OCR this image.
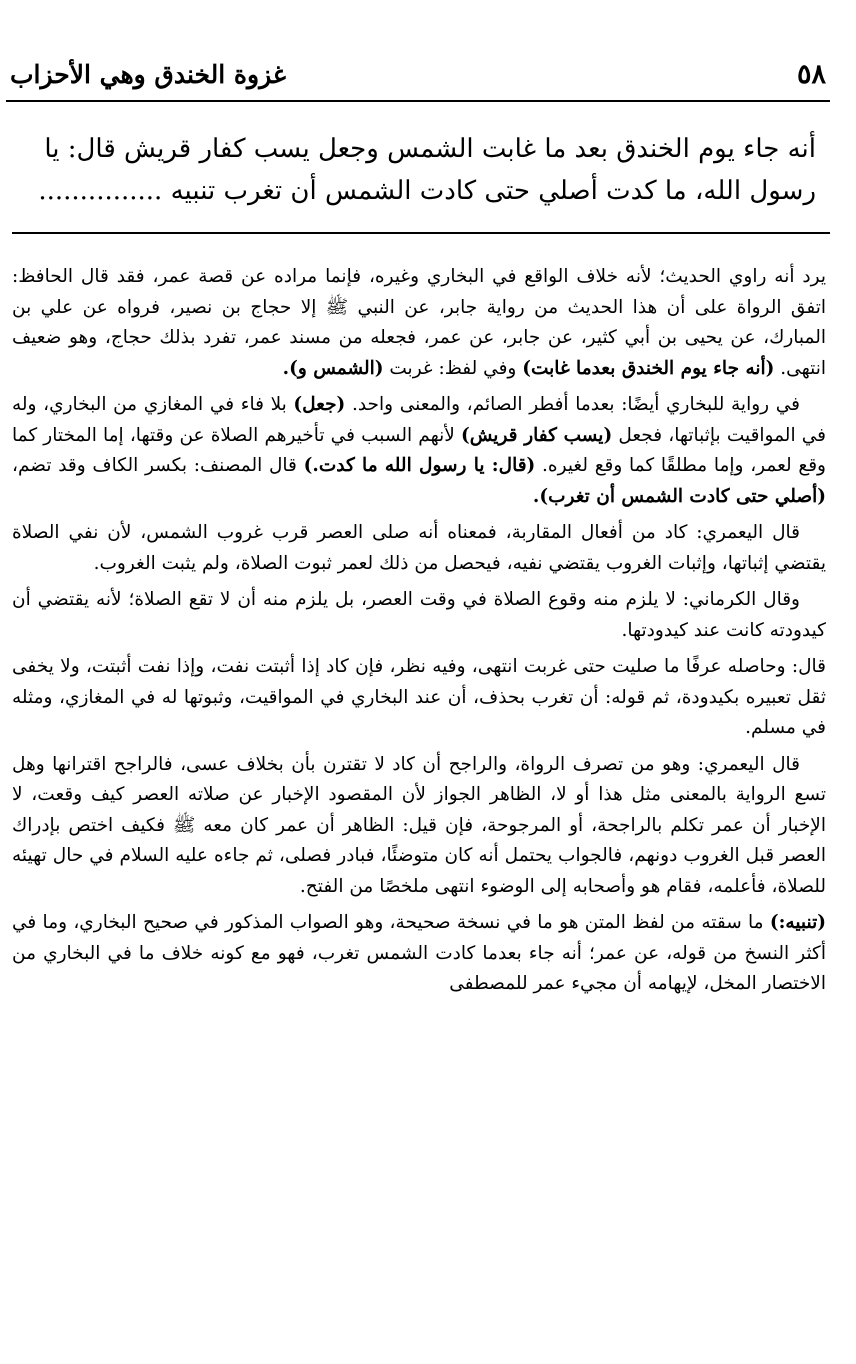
٥٨
غزوة الخندق وهي الأحزاب
أنه جاء يوم الخندق بعد ما غابت الشمس وجعل يسب كفار قريش قال: يا
رسول الله، ما كدت أصلي حتى كادت الشمس أن تغرب تنبيه ...............

يرد أنه راوي الحديث؛ لأنه خلاف الواقع في البخاري وغيره، فإنما مراده عن قصة عمر، فقد قال الحافظ: اتفق الرواة على أن هذا الحديث من رواية جابر، عن النبي ﷺ إلا حجاج بن نصير، فرواه عن علي بن المبارك، عن يحيى بن أبي كثير، عن جابر، عن عمر، فجعله من مسند عمر، تفرد بذلك حجاج، وهو ضعيف انتهى. (أنه جاء يوم الخندق بعدما غابت) وفي لفظ: غربت (الشمس و).

في رواية للبخاري أيضًا: بعدما أفطر الصائم، والمعنى واحد. (جعل) بلا فاء في المغازي من البخاري، وله في المواقيت بإثباتها، فجعل (يسب كفار قريش) لأنهم السبب في تأخيرهم الصلاة عن وقتها، إما المختار كما وقع لعمر، وإما مطلقًا كما وقع لغيره. (قال: يا رسول الله ما كدت.) قال المصنف: بكسر الكاف وقد تضم، (أصلي حتى كادت الشمس أن تغرب).

قال اليعمري: كاد من أفعال المقاربة، فمعناه أنه صلى العصر قرب غروب الشمس، لأن نفي الصلاة يقتضي إثباتها، وإثبات الغروب يقتضي نفيه، فيحصل من ذلك لعمر ثبوت الصلاة، ولم يثبت الغروب.

وقال الكرماني: لا يلزم منه وقوع الصلاة في وقت العصر، بل يلزم منه أن لا تقع الصلاة؛ لأنه يقتضي أن كيدودته كانت عند كيدودتها.

قال: وحاصله عرفًا ما صليت حتى غربت انتهى، وفيه نظر، فإن كاد إذا أثبتت نفت، وإذا نفت أثبتت، ولا يخفى ثقل تعبيره بكيدودة، ثم قوله: أن تغرب بحذف، أن عند البخاري في المواقيت، وثبوتها له في المغازي، ومثله في مسلم.

قال اليعمري: وهو من تصرف الرواة، والراجح أن كاد لا تقترن بأن بخلاف عسى، فالراجح اقترانها وهل تسع الرواية بالمعنى مثل هذا أو لا، الظاهر الجواز لأن المقصود الإخبار عن صلاته العصر كيف وقعت، لا الإخبار أن عمر تكلم بالراجحة، أو المرجوحة، فإن قيل: الظاهر أن عمر كان معه ﷺ فكيف اختص بإدراك العصر قبل الغروب دونهم، فالجواب يحتمل أنه كان متوضئًا، فبادر فصلى، ثم جاءه عليه السلام في حال تهيئه للصلاة، فأعلمه، فقام هو وأصحابه إلى الوضوء انتهى ملخصًا من الفتح.

(تنبيه:) ما سقته من لفظ المتن هو ما في نسخة صحيحة، وهو الصواب المذكور في صحيح البخاري، وما في أكثر النسخ من قوله، عن عمر؛ أنه جاء بعدما كادت الشمس تغرب، فهو مع كونه خلاف ما في البخاري من الاختصار المخل، لإيهامه أن مجيء عمر للمصطفى
